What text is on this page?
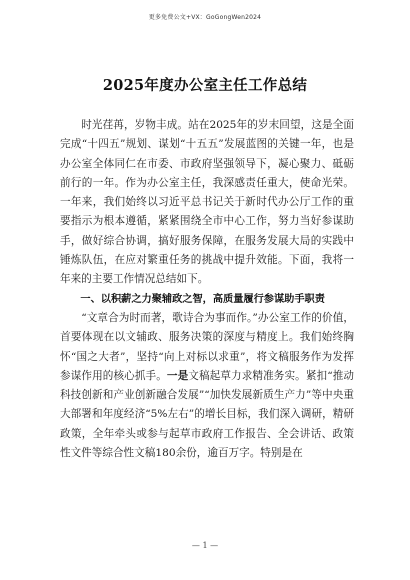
更多免费公文+VX：GoGongWen2024
2025年度办公室主任工作总结

时光荏苒，岁物丰成。站在2025年的岁末回望，这是全面完成“十四五”规划、谋划“十五五”发展蓝图的关键一年，也是办公室全体同仁在市委、市政府坚强领导下，凝心聚力、砥砺前行的一年。作为办公室主任，我深感责任重大，使命光荣。一年来，我们始终以习近平总书记关于新时代办公厅工作的重要指示为根本遵循，紧紧围绕全市中心工作，努力当好参谋助手，做好综合协调，搞好服务保障，在服务发展大局的实践中锤炼队伍，在应对繁重任务的挑战中提升效能。下面，我将一年来的主要工作情况总结如下。

一、以积薪之力聚辅政之智，高质量履行参谋助手职责

“文章合为时而著，歌诗合为事而作。”办公室工作的价值，首要体现在以文辅政、服务决策的深度与精度上。我们始终胸怀“国之大者”，坚持“向上对标以求重”，将文稿服务作为发挥参谋作用的核心抓手。一是文稿起草力求精准务实。紧扣“推动科技创新和产业创新融合发展”“加快发展新质生产力”等中央重大部署和年度经济“5%左右”的增长目标，我们深入调研，精研政策，全年牵头或参与起草市政府工作报告、全会讲话、政策性文件等综合性文稿180余份，逾百万字。特别是在

— 1 —
